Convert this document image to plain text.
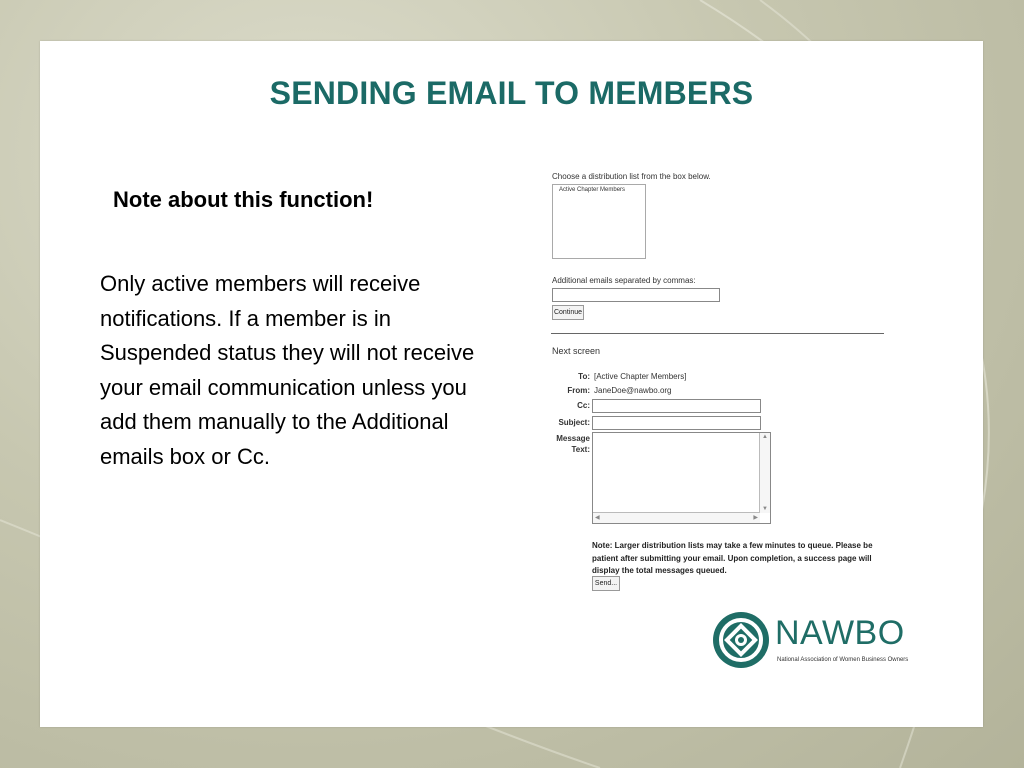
SENDING EMAIL TO MEMBERS
Note about this function!
Only active members will receive notifications. If a member is in Suspended status they will not receive your email communication unless you add them manually to the Additional emails box or Cc.
Choose a distribution list from the box below.
Active Chapter Members
Additional emails separated by commas:
Continue
Next screen
To: [Active Chapter Members]
From: JaneDoe@nawbo.org
Cc:
Subject:
Message Text:
▲
▼
◀	▶
Note: Larger distribution lists may take a few minutes to queue. Please be patient after submitting your email. Upon completion, a success page will display the total messages queued.
Send...
NAWBO
National Association of Women Business Owners
